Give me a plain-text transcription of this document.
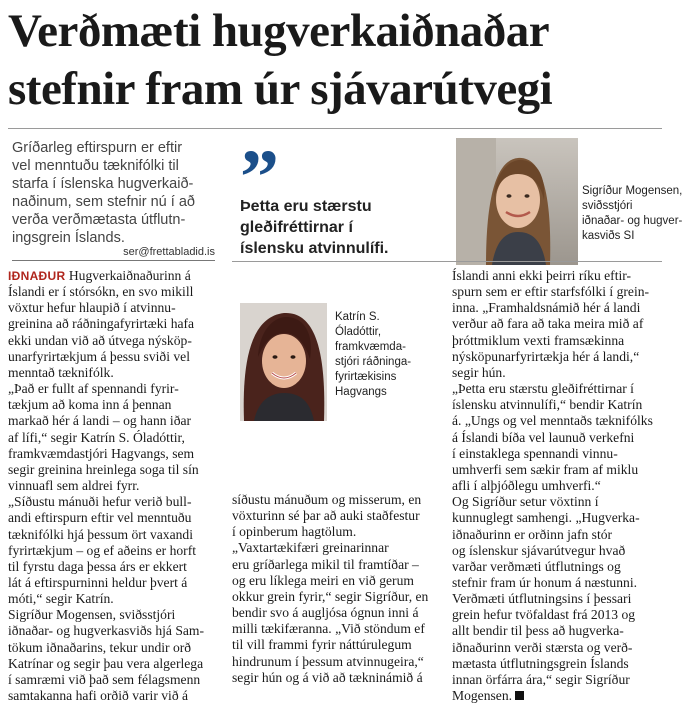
Verðmæti hugverkaiðnaðar
stefnir fram úr sjávarútvegi

Gríðarleg eftirspurn er eftir
vel menntuðu tæknifólki til
starfa í íslenska hugverkaið-
naðinum, sem stefnir nú í að
verða verðmætasta útflutn-
ingsgrein Íslands.

ser@frettabladid.is
”

Þetta eru stærstu
gleðifréttirnar í
íslensku atvinnulífi.

Sigríður Mogensen,
sviðsstjóri
iðnaðar- og hugver-
kasviðs SI
IÐNAÐUR Hugverkaiðnaðurinn á
Íslandi er í stórsókn, en svo mikill
vöxtur hefur hlaupið í atvinnu-
greinina að ráðningafyrirtæki hafa
ekki undan við að útvega nýsköp-
unarfyrirtækjum á þessu sviði vel
menntað tæknifólk.
„Það er fullt af spennandi fyrir-
tækjum að koma inn á þennan
markað hér á landi – og hann iðar
af lífi,“ segir Katrín S. Óladóttir,
framkvæmdastjóri Hagvangs, sem
segir greinina hreinlega soga til sín
vinnuafl sem aldrei fyrr.
„Síðustu mánuði hefur verið bull-
andi eftirspurn eftir vel menntuðu
tæknifólki hjá þessum ört vaxandi
fyrirtækjum – og ef aðeins er horft
til fyrstu daga þessa árs er ekkert
lát á eftirspurninni heldur þvert á
móti,“ segir Katrín.
Sigríður Mogensen, sviðsstjóri
iðnaðar- og hugverkasviðs hjá Sam-
tökum iðnaðarins, tekur undir orð
Katrínar og segir þau vera algerlega
í samræmi við það sem félagsmenn
samtakanna hafi orðið varir við á
Katrín S.
Óladóttir,
framkvæmda-
stjóri ráðninga-
fyrirtækisins
Hagvangs
síðustu mánuðum og misserum, en
vöxturinn sé þar að auki staðfestur
í opinberum hagtölum.
„Vaxtartækifæri greinarinnar
eru gríðarlega mikil til framtíðar –
og eru líklega meiri en við gerum
okkur grein fyrir,“ segir Sigríður, en
bendir svo á augljósa ógnun inni á
milli tækifæranna. „Við stöndum ef
til vill frammi fyrir náttúrulegum
hindrunum í þessum atvinnugeira,“
segir hún og á við að tækninámið á
Íslandi anni ekki þeirri ríku eftir-
spurn sem er eftir starfsfólki í grein-
inna. „Framhaldsnámið hér á landi
verður að fara að taka meira mið af
þróttmiklum vexti framsækinna
nýsköpunarfyrirtækja hér á landi,“
segir hún.
„Þetta eru stærstu gleðifréttirnar í
íslensku atvinnulífi,“ bendir Katrín
á. „Ungs og vel menntaðs tæknifólks
á Íslandi bíða vel launuð verkefni
í einstaklega spennandi vinnu-
umhverfi sem sækir fram af miklu
afli í alþjóðlegu umhverfi.“
Og Sigríður setur vöxtinn í
kunnuglegt samhengi. „Hugverka-
iðnaðurinn er orðinn jafn stór
og íslenskur sjávarútvegur hvað
varðar verðmæti útflutnings og
stefnir fram úr honum á næstunni.
Verðmæti útflutningsins í þessari
grein hefur tvöfaldast frá 2013 og
allt bendir til þess að hugverka-
iðnaðurinn verði stærsta og verð-
mætasta útflutningsgrein Íslands
innan örfárra ára,“ segir Sigríður
Mogensen.
